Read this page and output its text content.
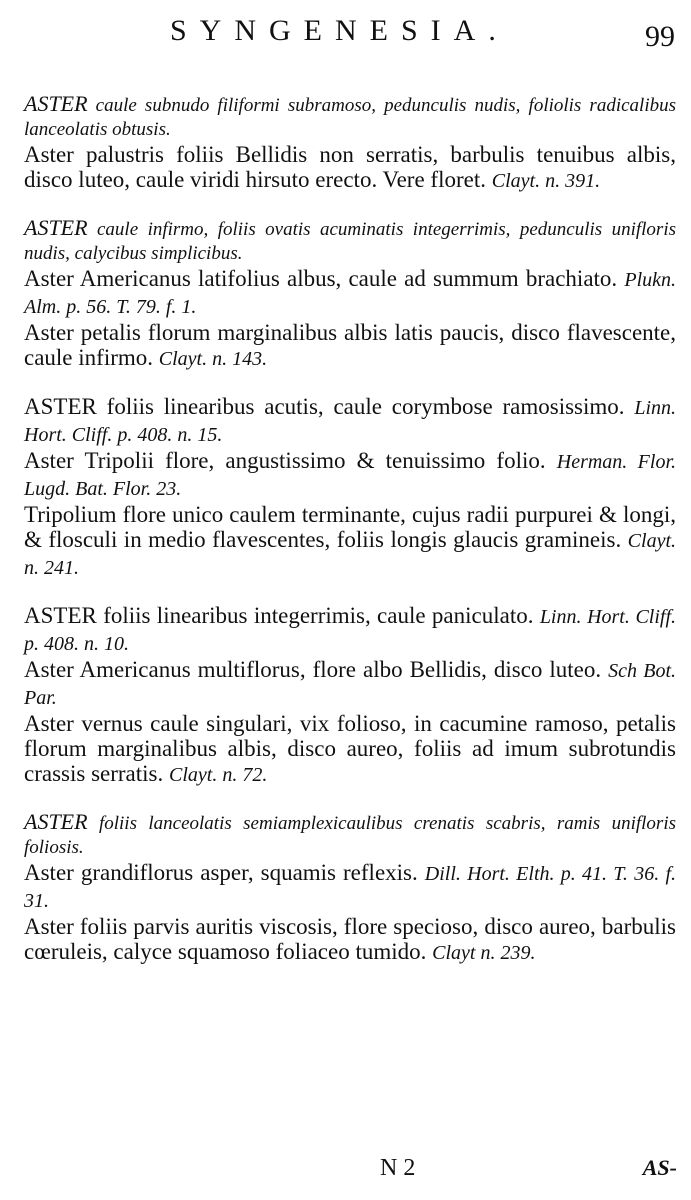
SYNGENESIA.	99

ASTER caule subnudo filiformi subramoso, pedunculis nudis, foliolis radicalibus lanceolatis obtusis.

Aster palustris foliis Bellidis non serratis, barbulis tenuibus albis, disco luteo, caule viridi hirsuto erecto. Vere floret. Clayt. n. 391.

ASTER caule infirmo, foliis ovatis acuminatis integerrimis, pedunculis unifloris nudis, calycibus simplicibus.

Aster Americanus latifolius albus, caule ad summum brachiato. Plukn. Alm. p. 56. T. 79. f. 1.

Aster petalis florum marginalibus albis latis paucis, disco flavescente, caule infirmo. Clayt. n. 143.

ASTER foliis linearibus acutis, caule corymbose ramosissimo. Linn. Hort. Cliff. p. 408. n. 15.

Aster Tripolii flore, angustissimo & tenuissimo folio. Herman. Flor. Lugd. Bat. Flor. 23.

Tripolium flore unico caulem terminante, cujus radii purpurei & longi, & flosculi in medio flavescentes, foliis longis glaucis gramineis. Clayt. n. 241.

ASTER foliis linearibus integerrimis, caule paniculato. Linn. Hort. Cliff. p. 408. n. 10.

Aster Americanus multiflorus, flore albo Bellidis, disco luteo. Sch Bot. Par.

Aster vernus caule singulari, vix folioso, in cacumine ramoso, petalis florum marginalibus albis, disco aureo, foliis ad imum subrotundis crassis serratis. Clayt. n. 72.

ASTER foliis lanceolatis semiamplexicaulibus crenatis scabris, ramis unifloris foliosis.

Aster grandiflorus asper, squamis reflexis. Dill. Hort. Elth. p. 41. T. 36. f. 31.

Aster foliis parvis auritis viscosis, flore specioso, disco aureo, barbulis cœruleis, calyce squamoso foliaceo tumido. Clayt n. 239.

N 2	AS-
